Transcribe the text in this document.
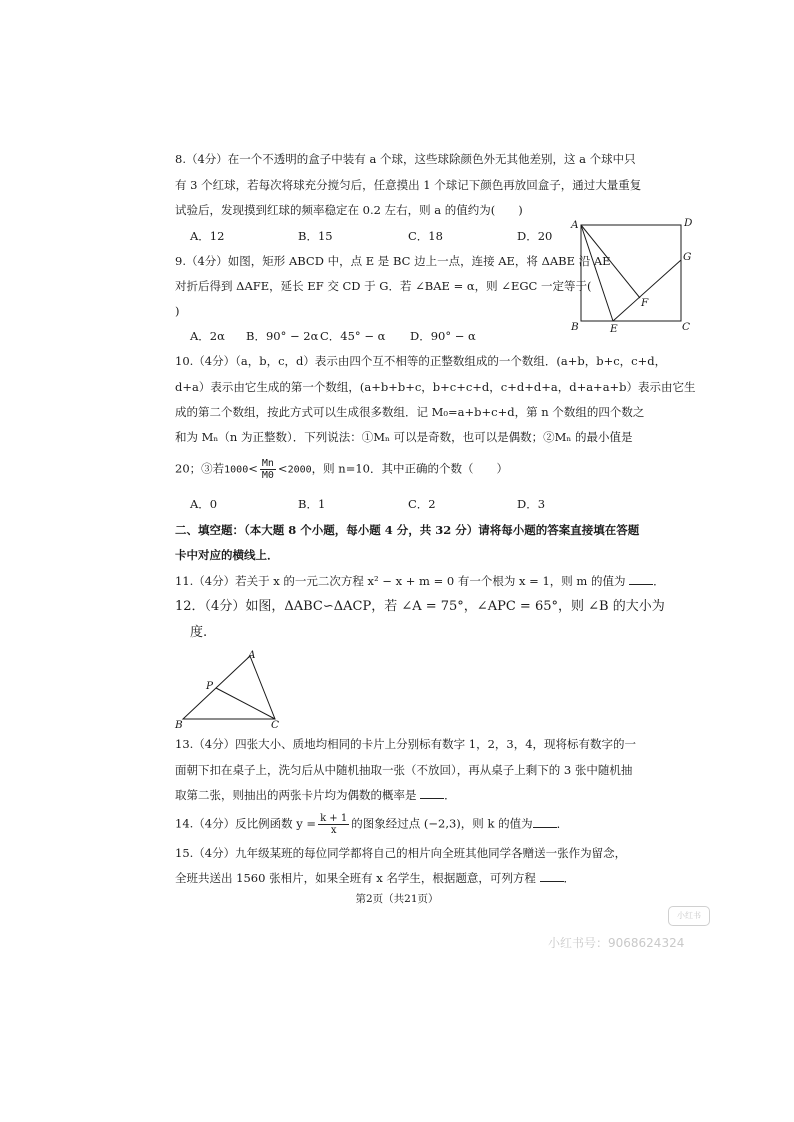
8.（4分）在一个不透明的盒子中装有 a 个球，这些球除颜色外无其他差别，这 a 个球中只
有 3 个红球，若每次将球充分搅匀后，任意摸出 1 个球记下颜色再放回盒子，通过大量重复
试验后，发现摸到红球的频率稳定在 0.2 左右，则 a 的值约为(　　)
A．12	B．15	C．18	D．20
9.（4分）如图，矩形 ABCD 中，点 E 是 BC 边上一点，连接 AE，将 ΔABE 沿 AE
对折后得到 ΔAFE，延长 EF 交 CD 于 G．若 ∠BAE = α，则 ∠EGC 一定等于(
)
A．2α B．90° − 2α C．45° − α D．90° − α
A	D
G
F
B	E	C
10.（4分）（a，b，c，d）表示由四个互不相等的正整数组成的一个数组．(a+b，b+c，c+d，
d+a）表示由它生成的第一个数组，(a+b+b+c，b+c+c+d，c+d+d+a，d+a+a+b）表示由它生
成的第二个数组，按此方式可以生成很多数组．记 M₀=a+b+c+d，第 n 个数组的四个数之
和为 Mₙ（n 为正整数）．下列说法：①Mₙ 可以是奇数，也可以是偶数；②Mₙ 的最小值是
20；③若$1000< \frac{Mn}{M0} <2000$，则 n=10．其中正确的个数（　　）
A．0	B．1	C．2	D．3
二、填空题：（本大题 8 个小题，每小题 4 分，共 32 分）请将每小题的答案直接填在答题
卡中对应的横线上．
11.（4分）若关于 x 的一元二次方程 x² − x + m = 0 有一个根为 x = 1，则 m 的值为 ．
12．（4分）如图，ΔABC∽ΔACP，若 ∠A = 75°，∠APC = 65°，则 ∠B 的大小为
度.
A
P
B	C
13.（4分）四张大小、质地均相同的卡片上分别标有数字 1，2，3，4，现将标有数字的一
面朝下扣在桌子上，洗匀后从中随机抽取一张（不放回），再从桌子上剩下的 3 张中随机抽
取第二张，则抽出的两张卡片均为偶数的概率是 ．
14.（4分）反比例函数 $y = \frac{k + 1}{x}$ 的图象经过点 (−2,3)，则 k 的值为 ．
15.（4分）九年级某班的每位同学都将自己的相片向全班其他同学各赠送一张作为留念，
全班共送出 1560 张相片，如果全班有 x 名学生，根据题意，可列方程 ．
第2页（共21页）
小红书
小红书号：9068624324
